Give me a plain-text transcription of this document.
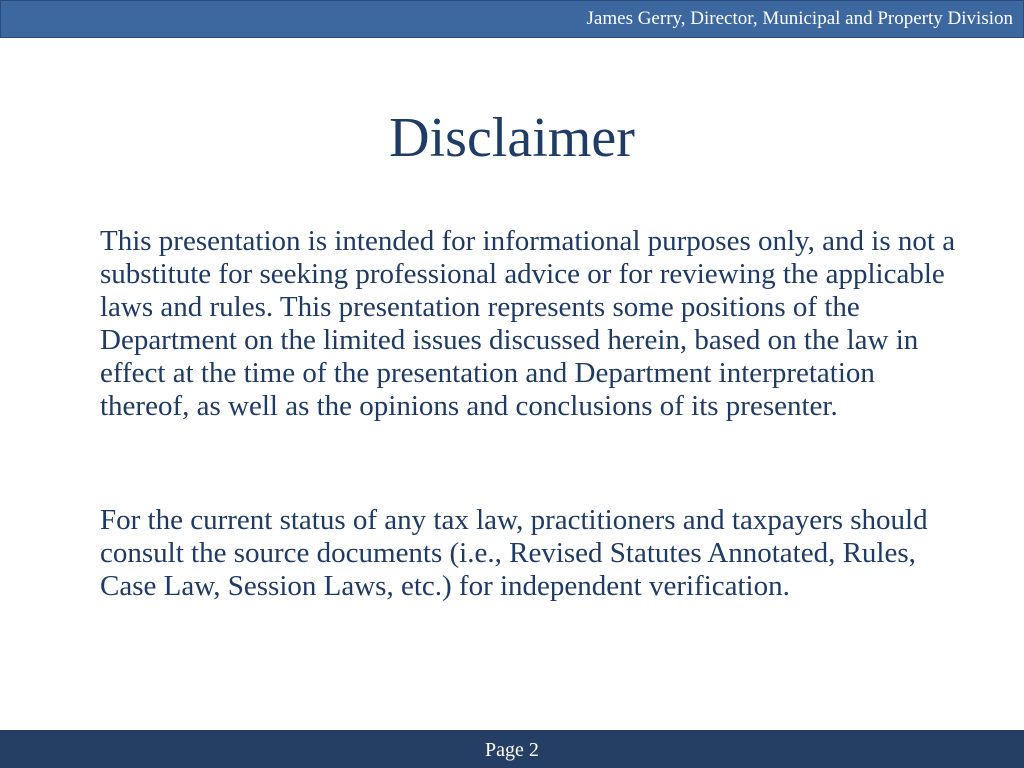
James Gerry, Director, Municipal and Property Division
Disclaimer

This presentation is intended for informational purposes only, and is not a substitute for seeking professional advice or for reviewing the applicable laws and rules. This presentation represents some positions of the Department on the limited issues discussed herein, based on the law in effect at the time of the presentation and Department interpretation thereof, as well as the opinions and conclusions of its presenter.

For the current status of any tax law, practitioners and taxpayers should consult the source documents (i.e., Revised Statutes Annotated, Rules, Case Law, Session Laws, etc.) for independent verification.

Page 2
